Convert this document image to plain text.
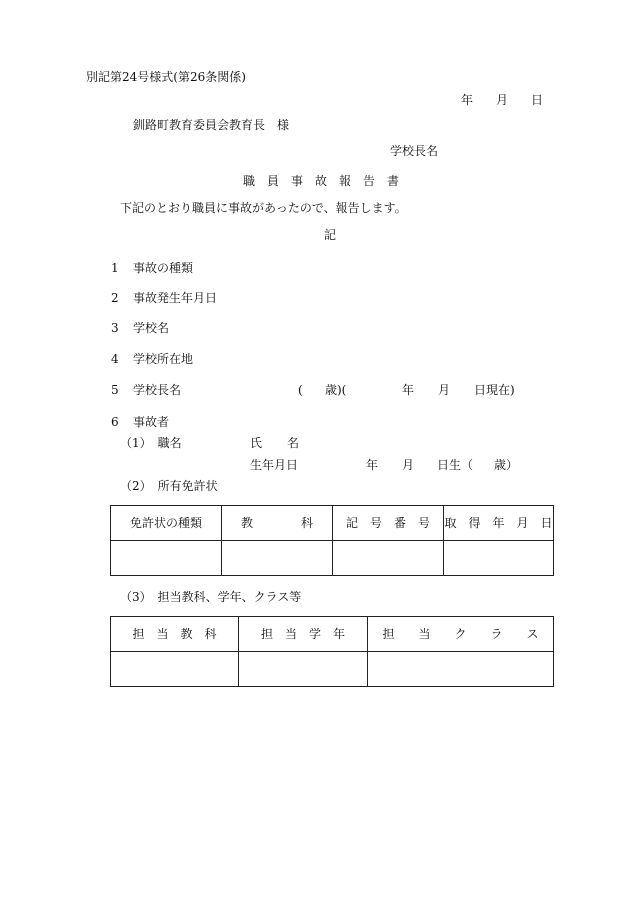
別記第24号様式(第26条関係)
年 月 日
釧路町教育委員会教育長　様
学校長名
職　員　事　故　報　告　書
下記のとおり職員に事故があったので、報告します。
記
1 事故の種類
2 事故発生年月日
3 学校名
4 学校所在地
5 学校長名	( 歳)(	年 月 日現在)
6 事故者
（1）　職名	氏 名
生年月日	年 月 日生（ 歳）
（2）　所有免許状
免許状の種類	教　　　　科	記　号　番　号	取　得　年　月　日

（3）　担当教科、学年、クラス等
担　当　教　科	担　当　学　年	担　　当　　ク　　ラ　　ス
